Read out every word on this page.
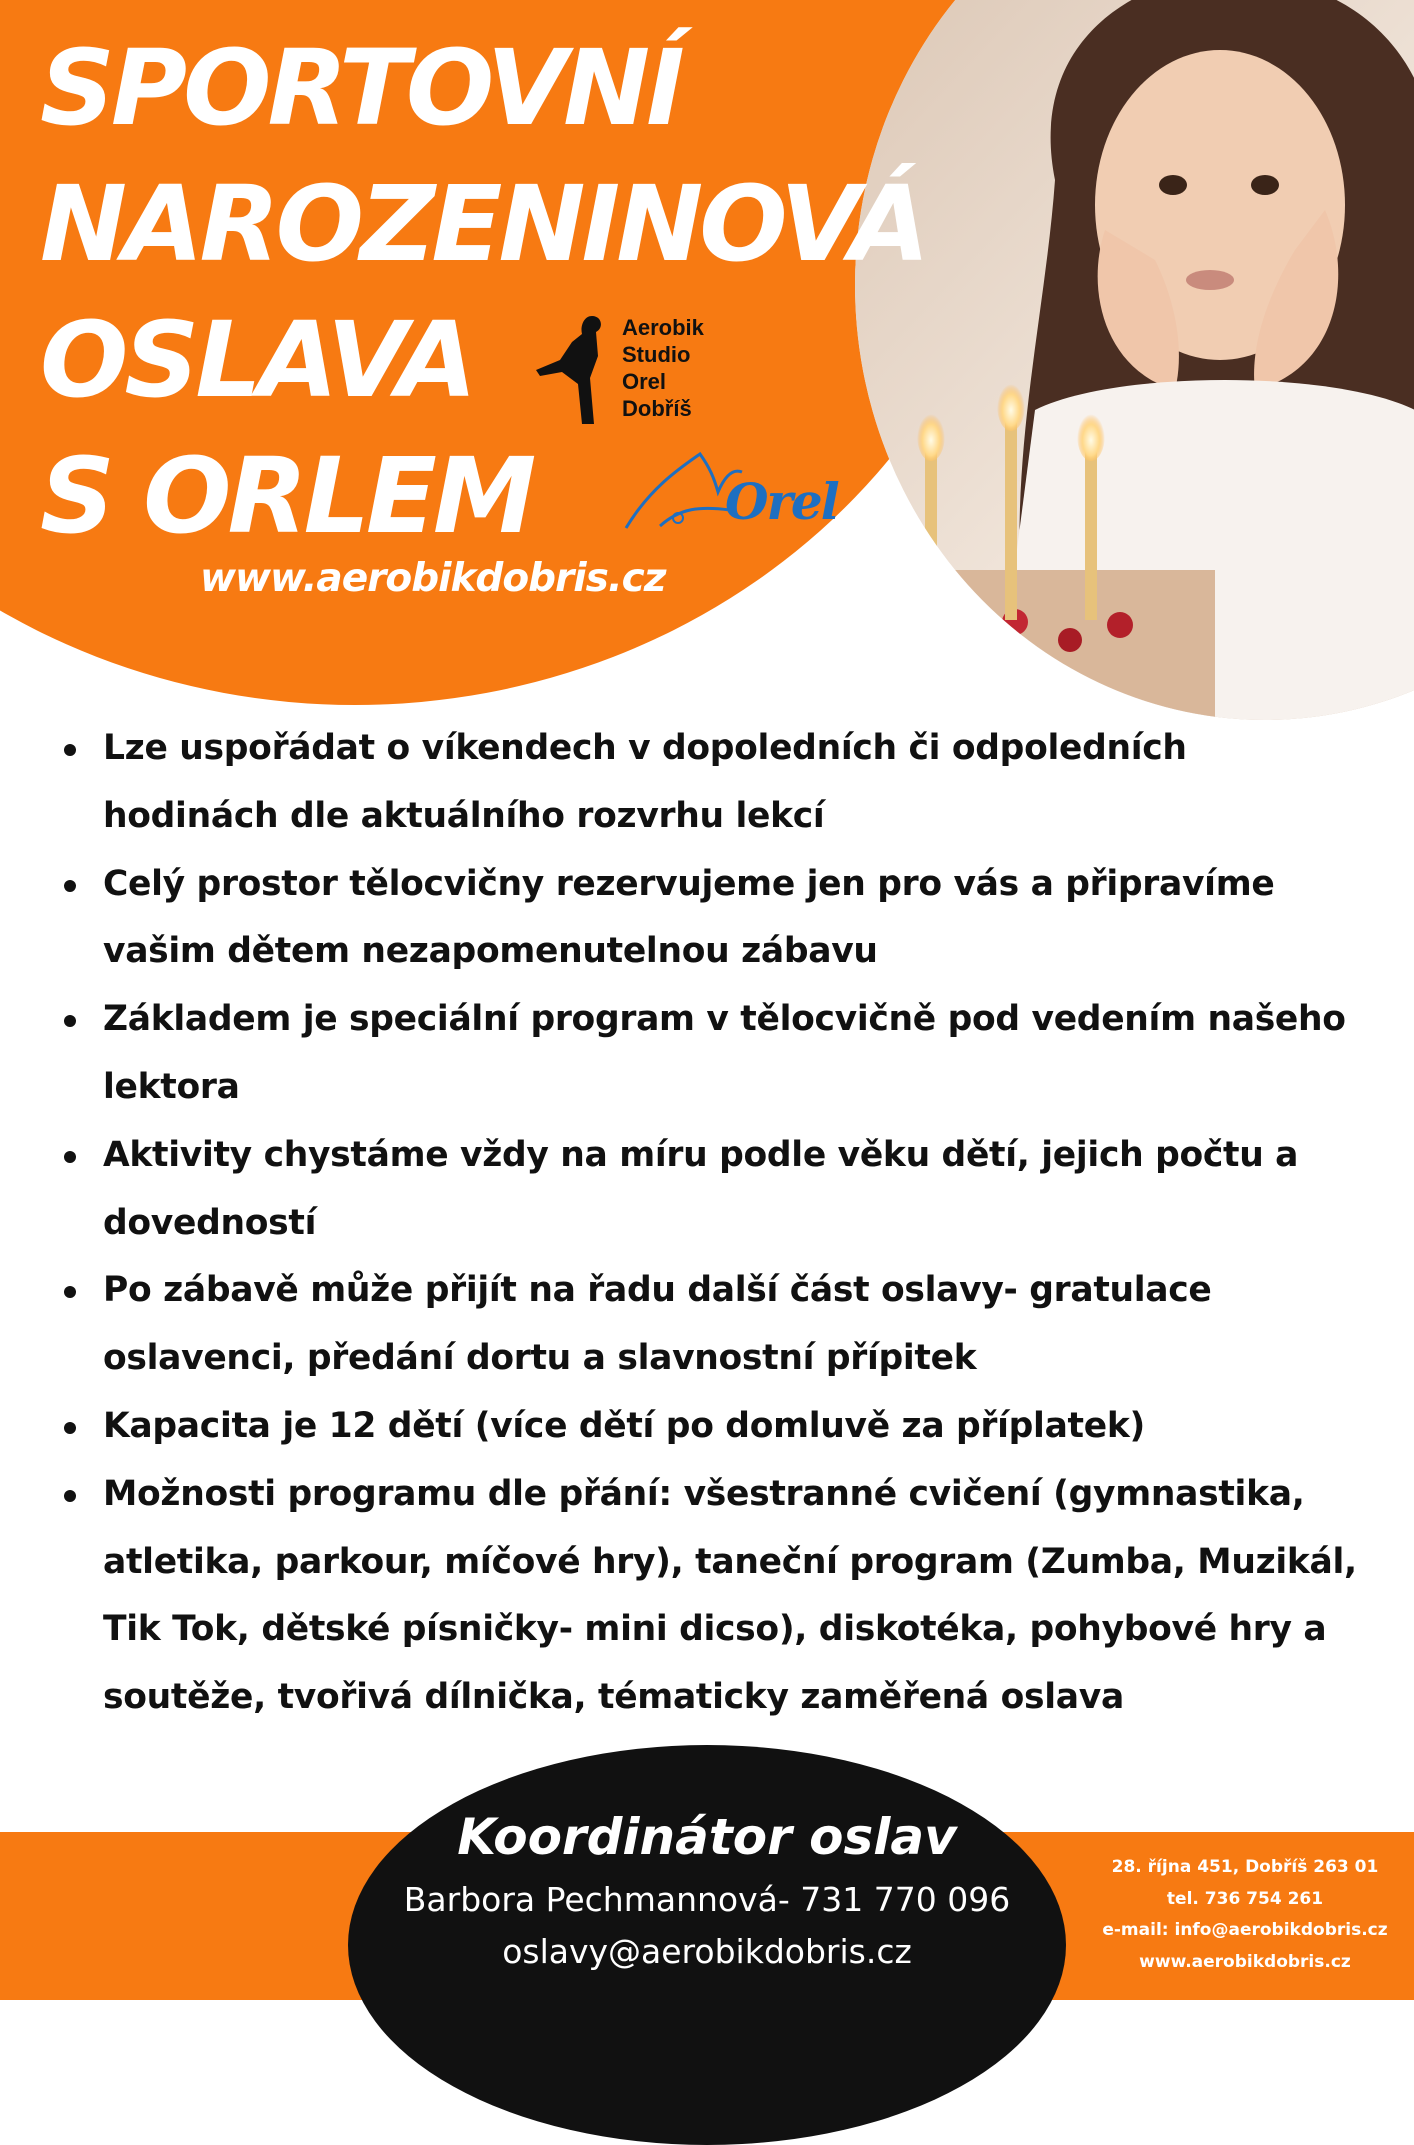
SPORTOVNÍ
NAROZENINOVÁ
OSLAVA
S ORLEM
Aerobik
Studio
Orel
Dobříš
Orel
www.aerobikdobris.cz
Lze uspořádat o víkendech v dopoledních či odpoledních hodinách dle aktuálního rozvrhu lekcí
Celý prostor tělocvičny rezervujeme jen pro vás a připravíme vašim dětem nezapomenutelnou zábavu
Základem je speciální program v tělocvičně pod vedením našeho lektora
Aktivity chystáme vždy na míru podle věku dětí, jejich počtu a dovedností
Po zábavě může přijít na řadu další část oslavy- gratulace oslavenci, předání dortu a slavnostní přípitek
Kapacita je 12 dětí (více dětí po domluvě za příplatek)
Možnosti programu dle přání: všestranné cvičení (gymnastika, atletika, parkour, míčové hry), taneční program (Zumba, Muzikál, Tik Tok, dětské písničky- mini dicso), diskotéka, pohybové hry a soutěže, tvořivá dílnička, tématicky zaměřená oslava
Koordinátor oslav
Barbora Pechmannová- 731 770 096
oslavy@aerobikdobris.cz
28. října 451, Dobříš 263 01
tel. 736 754 261
e-mail: info@aerobikdobris.cz
www.aerobikdobris.cz
